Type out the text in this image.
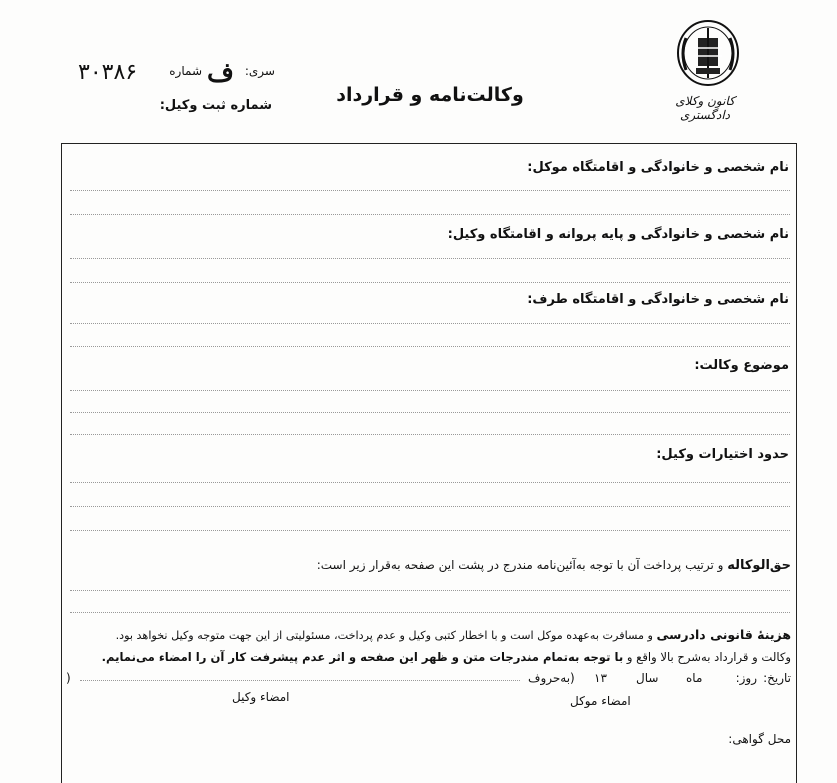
کانون وکلای دادگستری
وکالت‌نامه و قرارداد
سری:
ف
شماره
۳۰۳۸۶
شماره ثبت وکیل:
نام شخصی و خانوادگی و اقامتگاه موکل:
نام شخصی و خانوادگی و پایه پروانه و اقامتگاه وکیل:
نام شخصی و خانوادگی و اقامتگاه طرف:
موضوع وکالت:
حدود اختیارات وکیل:
حق‌الوکاله و ترتیب پرداخت آن با توجه به‌آئین‌نامه مندرج در پشت این صفحه به‌قرار زیر است:
هزینهٔ قانونی دادرسی و مسافرت به‌عهده موکل است و با اخطار کتبی وکیل و عدم پرداخت، مسئولیتی از این جهت متوجه وکیل نخواهد بود.
وکالت و قرارداد به‌شرح بالا واقع و با توجه به‌تمام مندرجات متن و ظهر این صفحه و اثر عدم پیشرفت کار آن را امضاء می‌نمایم.
تاریخ:
روز:
ماه
سال
۱۳
(به‌حروف
)
امضاء موکل
امضاء وکیل
محل گواهی:
